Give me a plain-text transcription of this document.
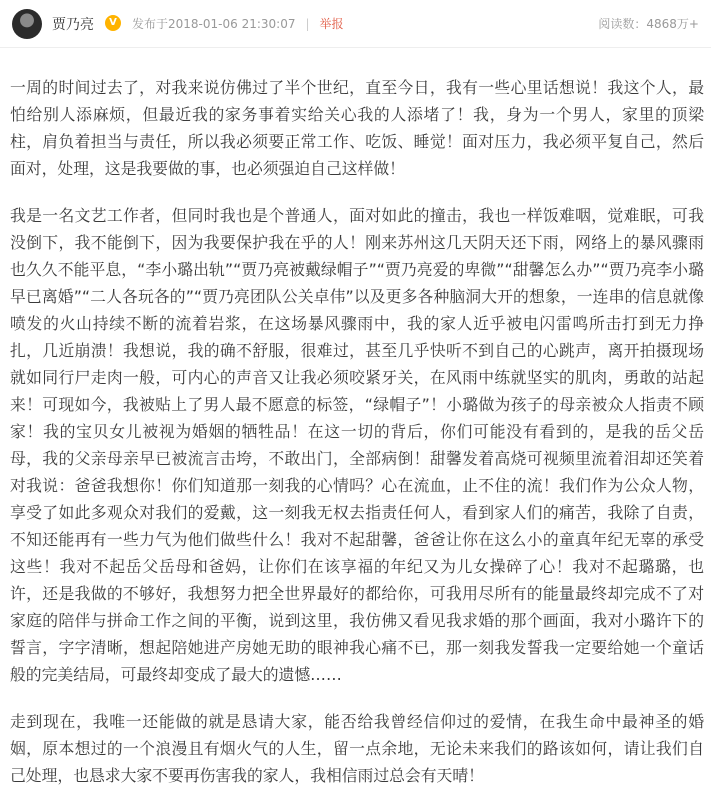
贾乃亮	V	发布于2018-01-06 21:30:07 | 举报	阅读数：4868万+

一周的时间过去了，对我来说仿佛过了半个世纪，直至今日，我有一些心里话想说！我这个人，最怕给别人添麻烦，但最近我的家务事着实给关心我的人添堵了！我，身为一个男人，家里的顶梁柱，肩负着担当与责任，所以我必须要正常工作、吃饭、睡觉！面对压力，我必须平复自己，然后面对，处理，这是我要做的事，也必须强迫自己这样做！

我是一名文艺工作者，但同时我也是个普通人，面对如此的撞击，我也一样饭难咽，觉难眠，可我没倒下，我不能倒下，因为我要保护我在乎的人！刚来苏州这几天阴天还下雨，网络上的暴风骤雨也久久不能平息，“李小璐出轨”“贾乃亮被戴绿帽子”“贾乃亮爱的卑微”“甜馨怎么办”“贾乃亮李小璐早已离婚”“二人各玩各的”“贾乃亮团队公关卓伟”以及更多各种脑洞大开的想象，一连串的信息就像喷发的火山持续不断的流着岩浆，在这场暴风骤雨中，我的家人近乎被电闪雷鸣所击打到无力挣扎，几近崩溃！我想说，我的确不舒服，很难过，甚至几乎快听不到自己的心跳声，离开拍摄现场就如同行尸走肉一般，可内心的声音又让我必须咬紧牙关，在风雨中练就坚实的肌肉，勇敢的站起来！可现如今，我被贴上了男人最不愿意的标签，“绿帽子”！小璐做为孩子的母亲被众人指责不顾家！我的宝贝女儿被视为婚姻的牺牲品！在这一切的背后，你们可能没有看到的，是我的岳父岳母，我的父亲母亲早已被流言击垮，不敢出门，全部病倒！甜馨发着高烧可视频里流着泪却还笑着对我说：爸爸我想你！你们知道那一刻我的心情吗？心在流血，止不住的流！我们作为公众人物，享受了如此多观众对我们的爱戴，这一刻我无权去指责任何人，看到家人们的痛苦，我除了自责，不知还能再有一些力气为他们做些什么！我对不起甜馨，爸爸让你在这么小的童真年纪无辜的承受这些！我对不起岳父岳母和爸妈，让你们在该享福的年纪又为儿女操碎了心！我对不起璐璐，也许，还是我做的不够好，我想努力把全世界最好的都给你，可我用尽所有的能量最终却完成不了对家庭的陪伴与拼命工作之间的平衡，说到这里，我仿佛又看见我求婚的那个画面，我对小璐许下的誓言，字字清晰，想起陪她进产房她无助的眼神我心痛不已，那一刻我发誓我一定要给她一个童话般的完美结局，可最终却变成了最大的遗憾……

走到现在，我唯一还能做的就是恳请大家，能否给我曾经信仰过的爱情，在我生命中最神圣的婚姻，原本想过的一个浪漫且有烟火气的人生，留一点余地，无论未来我们的路该如何，请让我们自己处理，也恳求大家不要再伤害我的家人，我相信雨过总会有天晴！
